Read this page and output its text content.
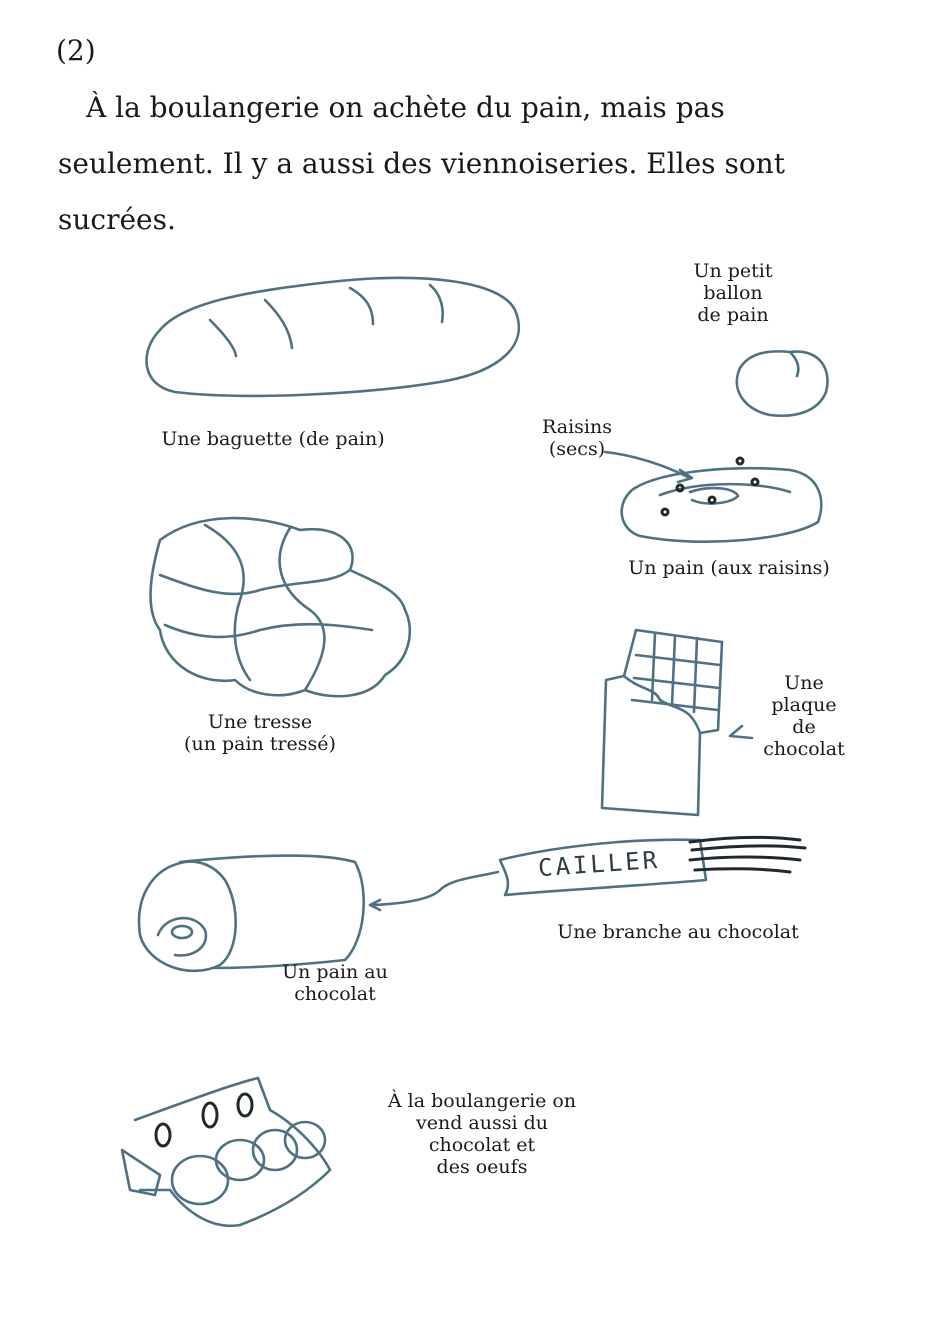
(2)

À la boulangerie on achète du pain, mais pas seulement. Il y a aussi des viennoiseries. Elles sont sucrées.

CAILLER
Une baguette (de pain)
Un petit
ballon
de pain
Raisins
(secs)
Un pain (aux raisins)
Une tresse
(un pain tressé)
Une
plaque
de
chocolat
Une branche au chocolat
Un pain au
chocolat
À la boulangerie on
vend aussi du
chocolat et
des oeufs
